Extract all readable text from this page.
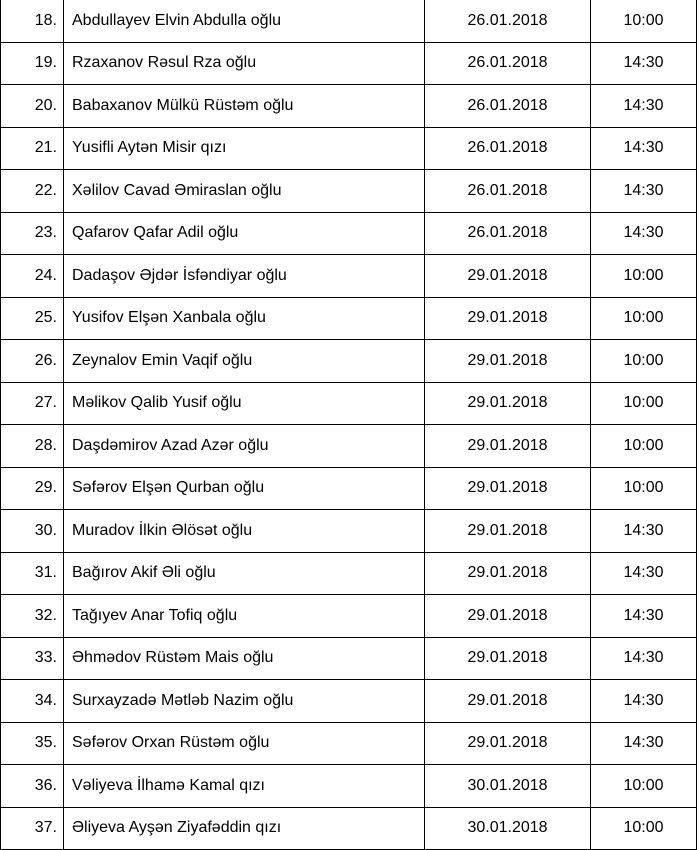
18.	Abdullayev Elvin Abdulla oğlu	26.01.2018	10:00
19.	Rzaxanov Rəsul Rza oğlu	26.01.2018	14:30
20.	Babaxanov Mülkü Rüstəm oğlu	26.01.2018	14:30
21.	Yusifli Aytən Misir qızı	26.01.2018	14:30
22.	Xəlilov Cavad Əmiraslan oğlu	26.01.2018	14:30
23.	Qafarov Qafar Adil oğlu	26.01.2018	14:30
24.	Dadaşov Əjdər İsfəndiyar oğlu	29.01.2018	10:00
25.	Yusifov Elşən Xanbala oğlu	29.01.2018	10:00
26.	Zeynalov Emin Vaqif oğlu	29.01.2018	10:00
27.	Məlikov Qalib Yusif oğlu	29.01.2018	10:00
28.	Daşdəmirov Azad Azər oğlu	29.01.2018	10:00
29.	Səfərov Elşən Qurban oğlu	29.01.2018	10:00
30.	Muradov İlkin Əlösət oğlu	29.01.2018	14:30
31.	Bağırov Akif Əli oğlu	29.01.2018	14:30
32.	Tağıyev Anar Tofiq oğlu	29.01.2018	14:30
33.	Əhmədov Rüstəm Mais oğlu	29.01.2018	14:30
34.	Surxayzadə Mətləb Nazim oğlu	29.01.2018	14:30
35.	Səfərov Orxan Rüstəm oğlu	29.01.2018	14:30
36.	Vəliyeva İlhamə Kamal qızı	30.01.2018	10:00
37.	Əliyeva Ayşən Ziyafəddin qızı	30.01.2018	10:00
